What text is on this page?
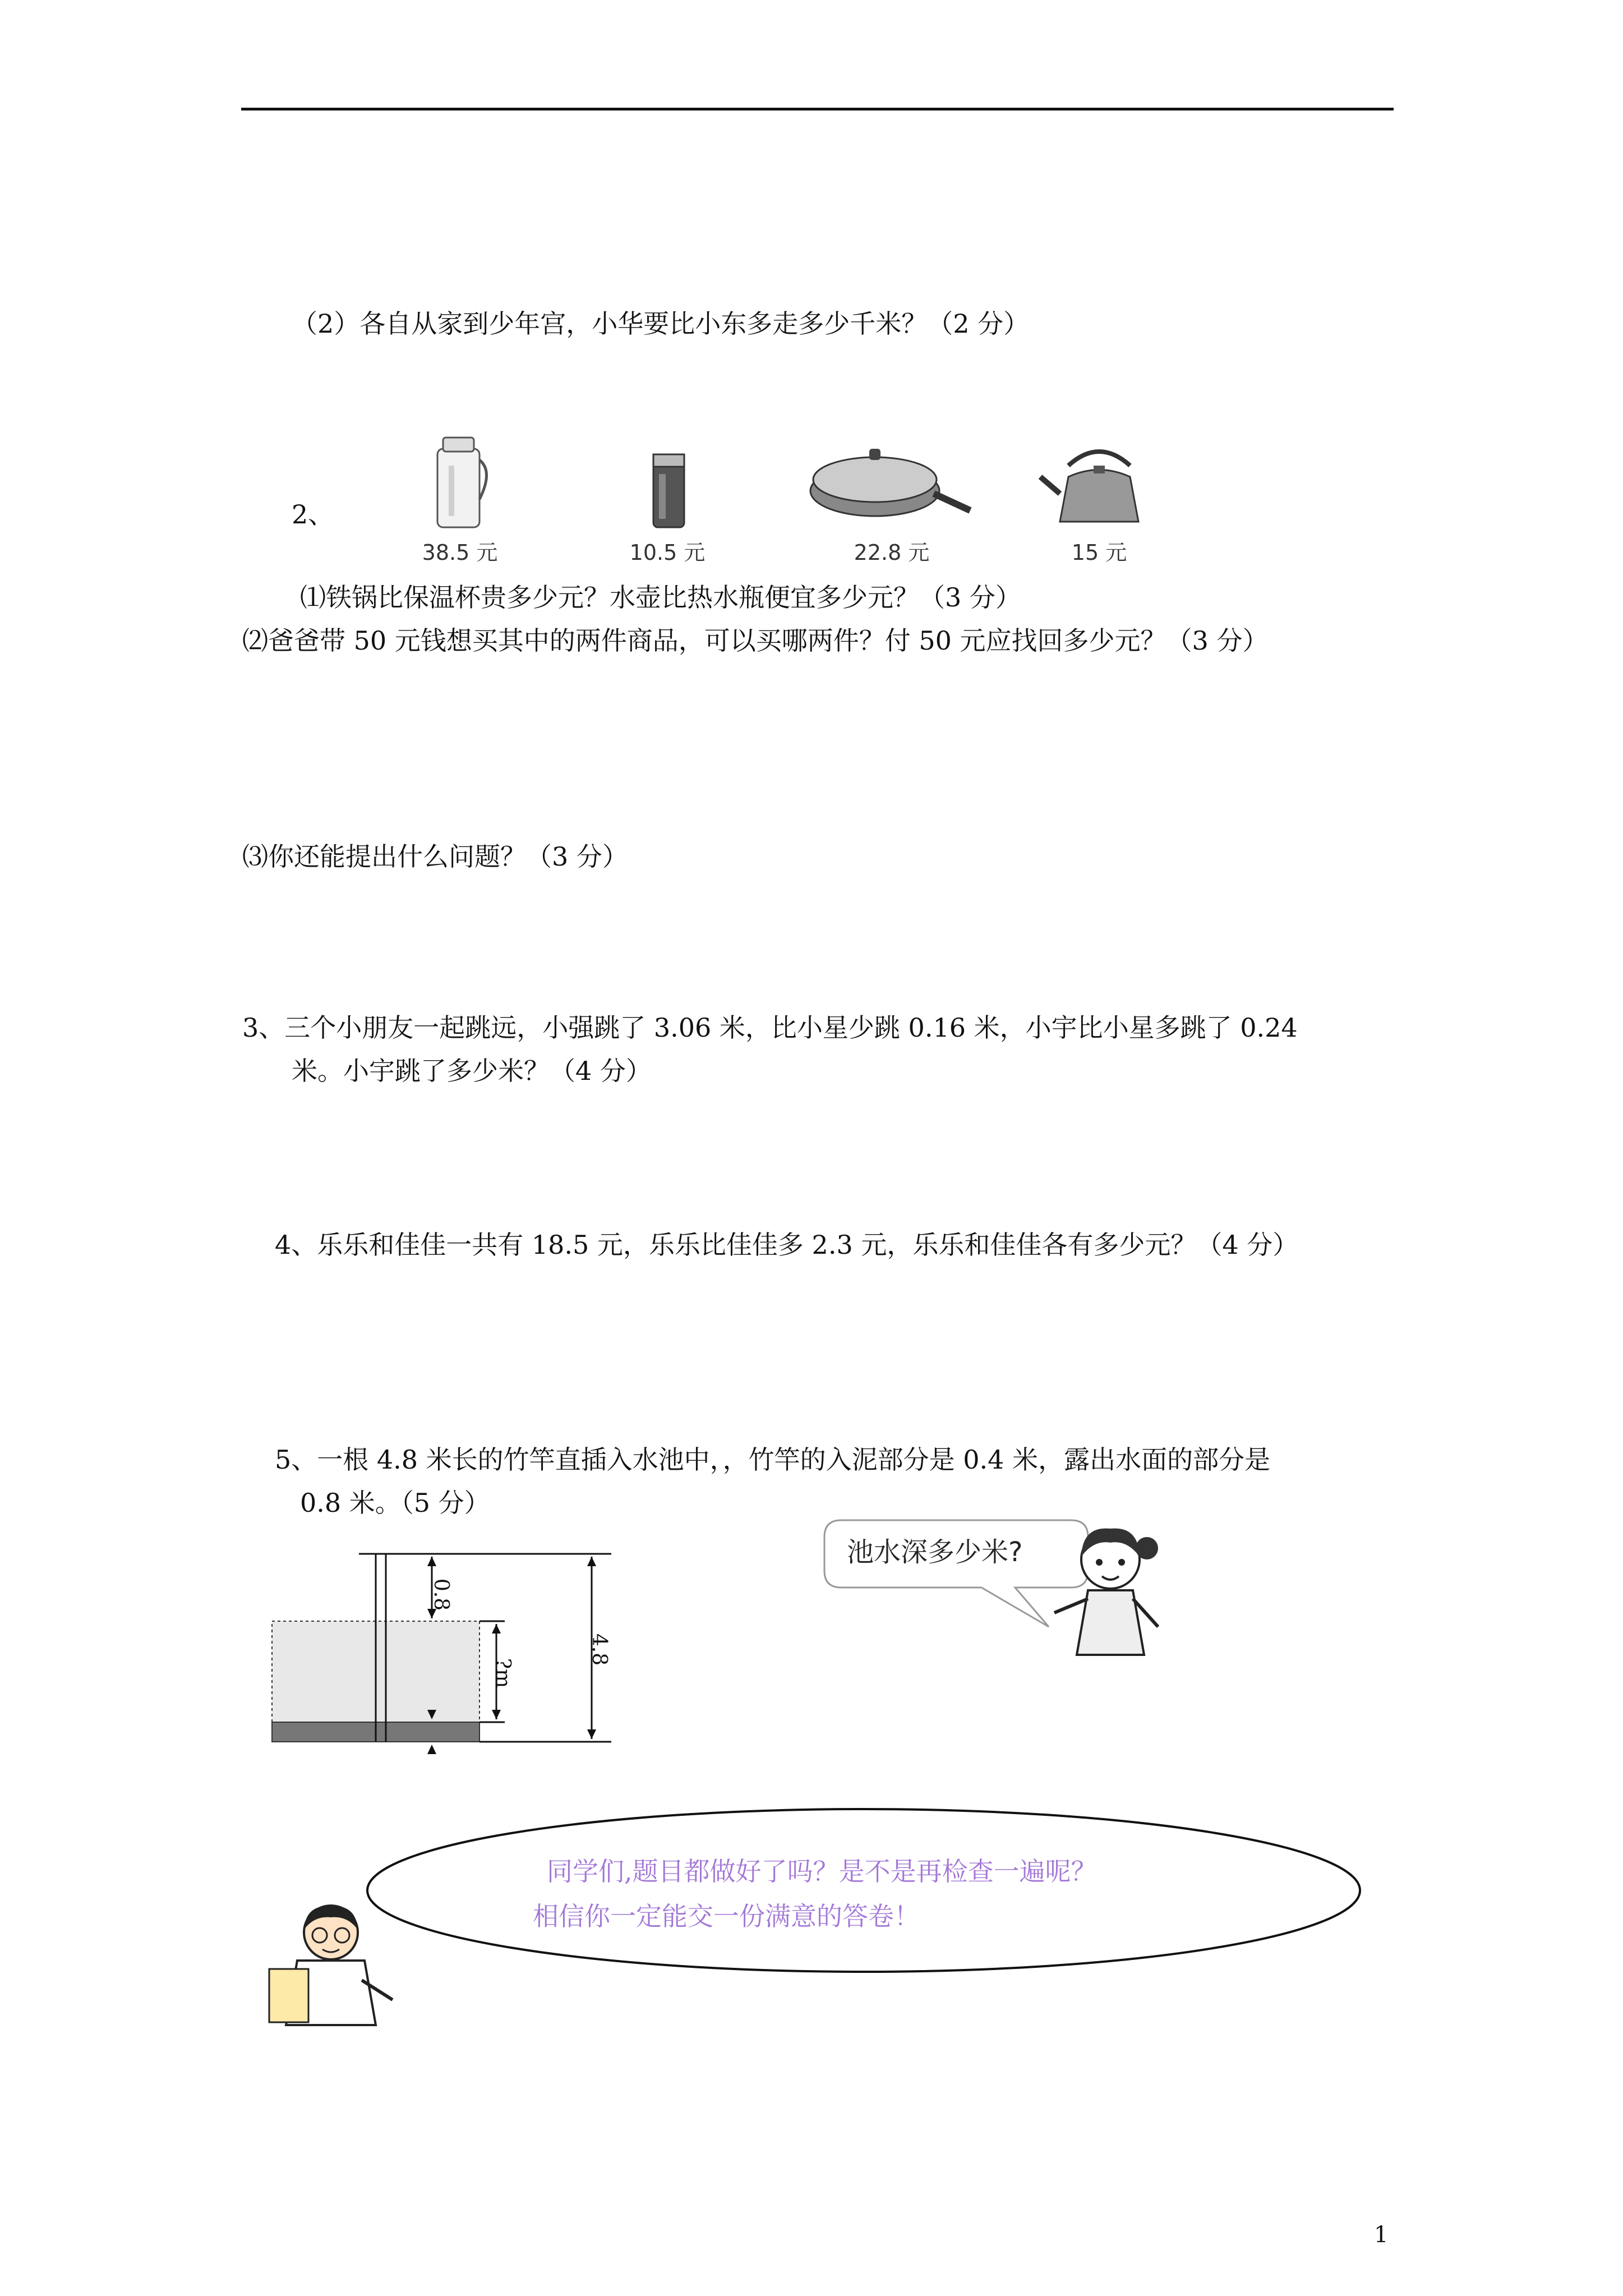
（2）各自从家到少年宫，小华要比小东多走多少千米？（2 分）
2、
38.5 元	10.5 元	22.8 元	15 元
⑴铁锅比保温杯贵多少元？水壶比热水瓶便宜多少元？（3 分）
⑵爸爸带 50 元钱想买其中的两件商品，可以买哪两件？付 50 元应找回多少元？（3 分）
⑶你还能提出什么问题？（3 分）
3、三个小朋友一起跳远，小强跳了 3.06 米，比小星少跳 0.16 米，小宇比小星多跳了 0.24
米。小宇跳了多少米？（4 分）
4、乐乐和佳佳一共有 18.5 元，乐乐比佳佳多 2.3 元，乐乐和佳佳各有多少元？（4 分）
5、一根 4.8 米长的竹竿直插入水池中，，竹竿的入泥部分是 0.4 米，露出水面的部分是
0.8 米。（5 分）
0.8
?m
4.8
池水深多少米?
同学们,题目都做好了吗？是不是再检查一遍呢？
相信你一定能交一份满意的答卷！
1
